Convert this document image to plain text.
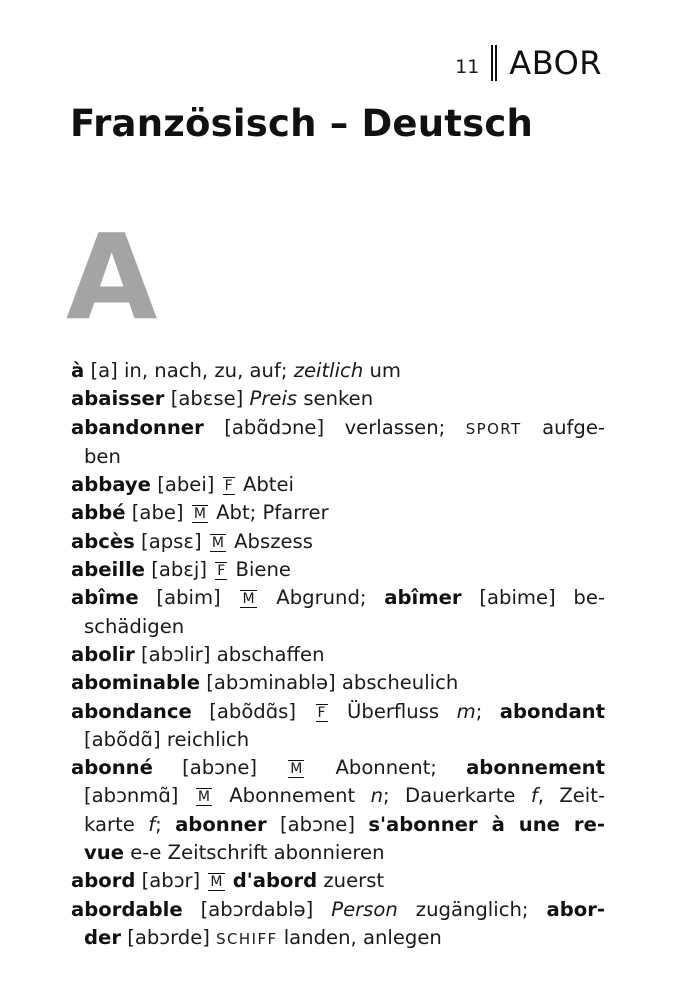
11 ABOR
Französisch – Deutsch
A
à [a] in, nach, zu, auf; zeitlich um
abaisser [abɛse] Preis senken
abandonner [abɑ̃dɔne] verlassen; SPORT aufge-
ben
abbaye [abei] F Abtei
abbé [abe] M Abt; Pfarrer
abcès [apsɛ] M Abszess
abeille [abɛj] F Biene
abîme [abim] M Abgrund; abîmer [abime] be-
schädigen
abolir [abɔlir] abschaffen
abominable [abɔminablə] abscheulich
abondance [abõdɑ̃s] F Überfluss m; abondant
[abõdɑ̃] reichlich
abonné [abɔne] M Abonnent; abonnement
[abɔnmɑ̃] M Abonnement n; Dauerkarte f, Zeit-
karte f; abonner [abɔne] s'abonner à une re-
vue e-e Zeitschrift abonnieren
abord [abɔr] M d'abord zuerst
abordable [abɔrdablə] Person zugänglich; abor-
der [abɔrde] SCHIFF landen, anlegen
